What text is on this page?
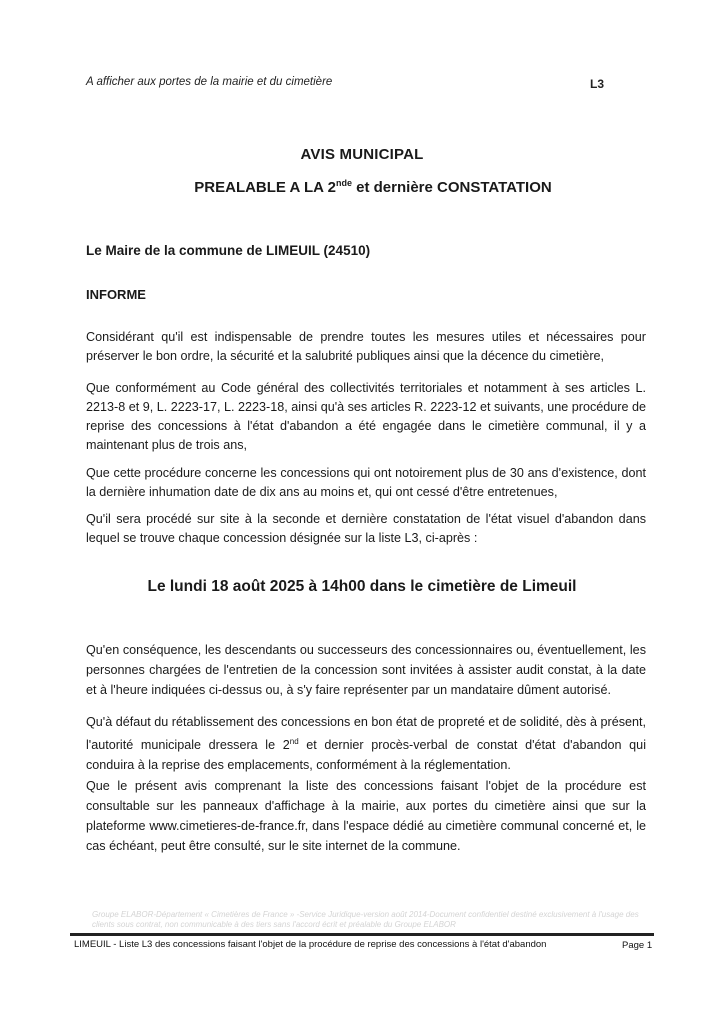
A afficher aux portes de la mairie et du cimetière	L3
AVIS MUNICIPAL
PREALABLE A LA 2nde et dernière CONSTATATION
Le Maire de la commune de LIMEUIL (24510)
INFORME
Considérant qu'il est indispensable de prendre toutes les mesures utiles et nécessaires pour préserver le bon ordre, la sécurité et la salubrité publiques ainsi que la décence du cimetière,
Que conformément au Code général des collectivités territoriales et notamment à ses articles L. 2213-8 et 9, L. 2223-17, L. 2223-18, ainsi qu'à ses articles R. 2223-12 et suivants, une procédure de reprise des concessions à l'état d'abandon a été engagée dans le cimetière communal, il y a maintenant plus de trois ans,
Que cette procédure concerne les concessions qui ont notoirement plus de 30 ans d'existence, dont la dernière inhumation date de dix ans au moins et, qui ont cessé d'être entretenues,
Qu'il sera procédé sur site à la seconde et dernière constatation de l'état visuel d'abandon dans lequel se trouve chaque concession désignée sur la liste L3, ci-après :
Le lundi 18 août 2025 à 14h00 dans le cimetière de Limeuil
Qu'en conséquence, les descendants ou successeurs des concessionnaires ou, éventuellement, les personnes chargées de l'entretien de la concession sont invitées à assister audit constat, à la date et à l'heure indiquées ci-dessus ou, à s'y faire représenter par un mandataire dûment autorisé.
Qu'à défaut du rétablissement des concessions en bon état de propreté et de solidité, dès à présent, l'autorité municipale dressera le 2nd et dernier procès-verbal de constat d'état d'abandon qui conduira à la reprise des emplacements, conformément à la réglementation.
Que le présent avis comprenant la liste des concessions faisant l'objet de la procédure est consultable sur les panneaux d'affichage à la mairie, aux portes du cimetière ainsi que sur la plateforme www.cimetieres-de-france.fr, dans l'espace dédié au cimetière communal concerné et, le cas échéant, peut être consulté, sur le site internet de la commune.
Groupe ELABOR-Département « Cimetières de France » -Service Juridique-version août 2014-Document confidentiel destiné exclusivement à l'usage des clients sous contrat, non communicable à des tiers sans l'accord écrit et préalable du Groupe ELABOR
LIMEUIL - Liste L3 des concessions faisant l'objet de la procédure de reprise des concessions à l'état d'abandon	Page 1
